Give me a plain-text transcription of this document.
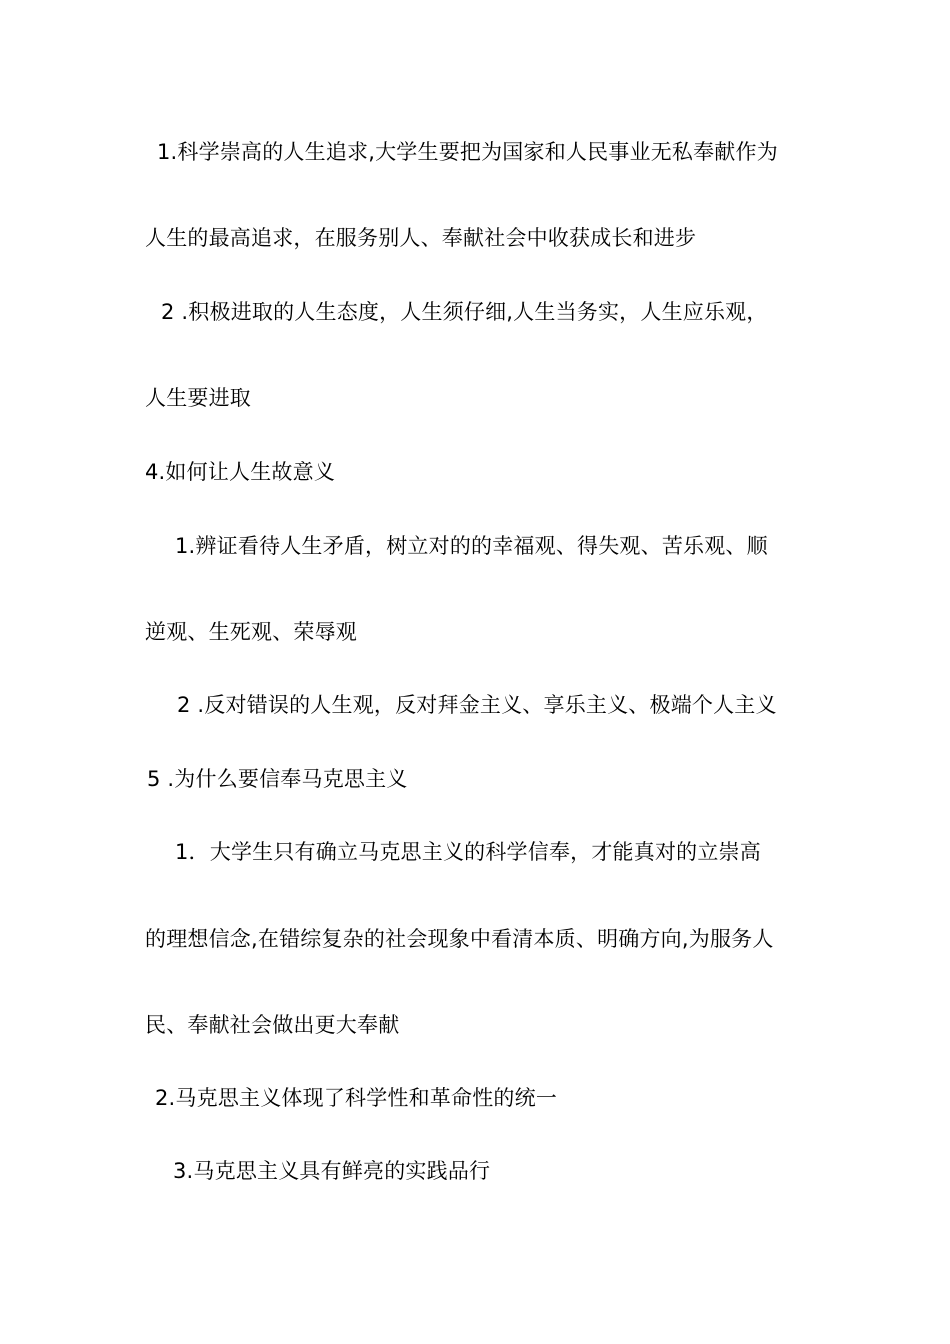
1.科学崇高的人生追求,大学生要把为国家和人民事业无私奉献作为
人生的最高追求，在服务别人、奉献社会中收获成长和进步
2 .积极进取的人生态度，人生须仔细,人生当务实，人生应乐观，
人生要进取
4.如何让人生故意义
1.辨证看待人生矛盾，树立对的的幸福观、得失观、苦乐观、顺
逆观、生死观、荣辱观
2 .反对错误的人生观，反对拜金主义、享乐主义、极端个人主义
5 .为什么要信奉马克思主义
1．大学生只有确立马克思主义的科学信奉，才能真对的立崇高
的理想信念,在错综复杂的社会现象中看清本质、明确方向,为服务人
民、奉献社会做出更大奉献
2.马克思主义体现了科学性和革命性的统一
3.马克思主义具有鲜亮的实践品行
